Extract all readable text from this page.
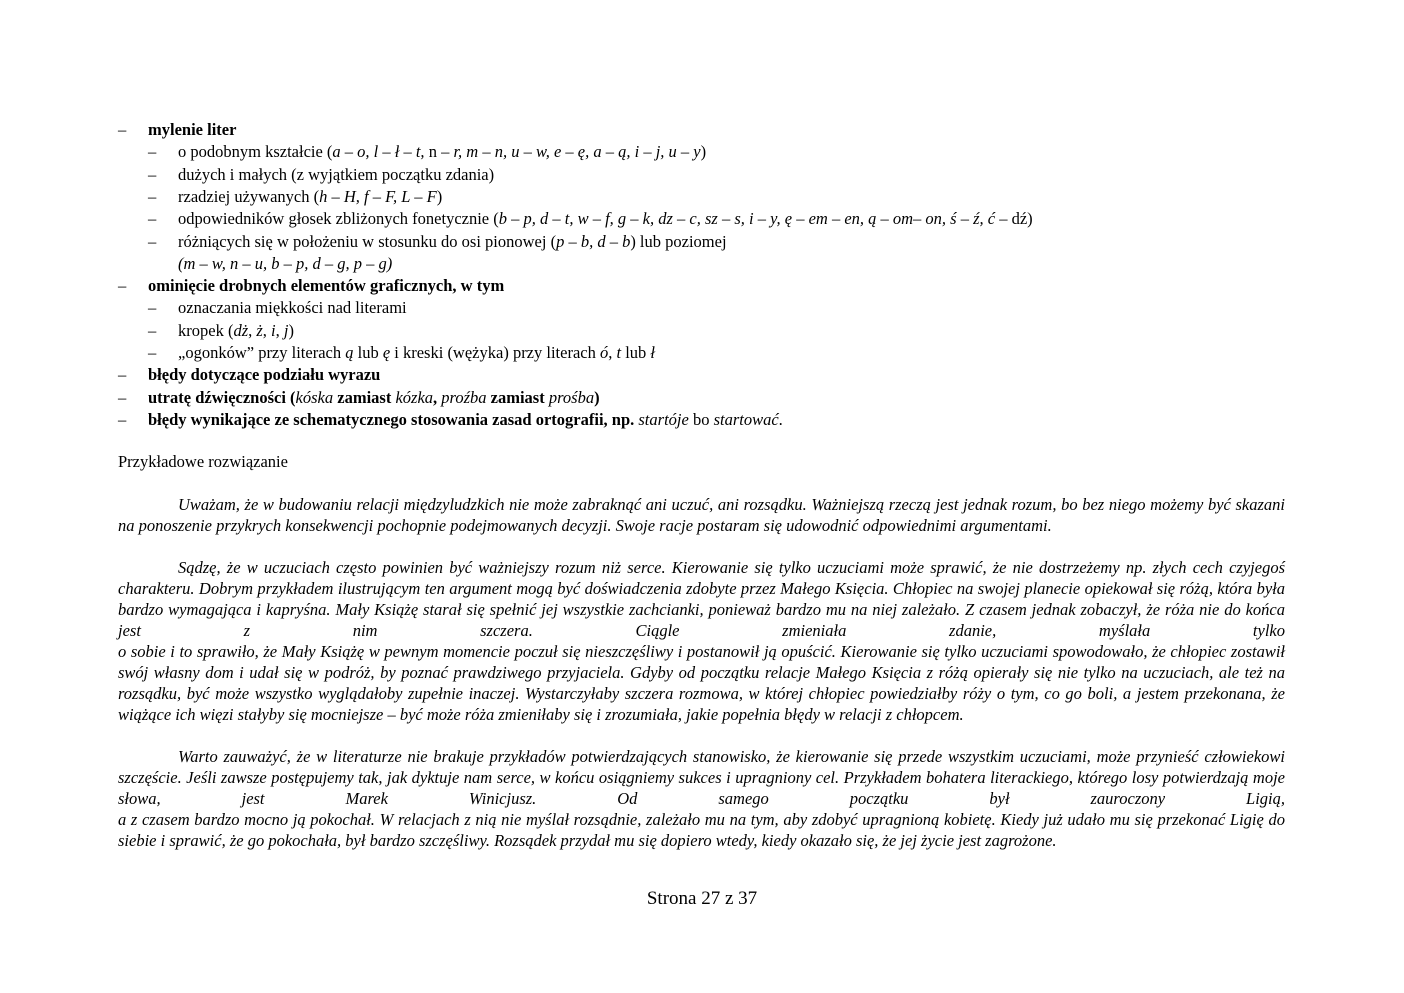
– mylenie liter
– o podobnym kształcie (a – o, l – ł – t, n – r, m – n, u – w, e – ę, a – ą, i – j, u – y)
– dużych i małych (z wyjątkiem początku zdania)
– rzadziej używanych (h – H, f – F, L – F)
– odpowiedników głosek zbliżonych fonetycznie (b – p, d – t, w – f, g – k, dz – c, sz – s, i – y, ę – em – en, ą – om– on, ś – ź, ć – dź)
– różniących się w położeniu w stosunku do osi pionowej (p – b, d – b) lub poziomej
(m – w, n – u, b – p, d – g, p – g)
– ominięcie drobnych elementów graficznych, w tym
– oznaczania miękkości nad literami
– kropek (dż, ż, i, j)
– „ogonków” przy literach ą lub ę i kreski (wężyka) przy literach ó, t lub ł
– błędy dotyczące podziału wyrazu
– utratę dźwięczności (kóska zamiast kózka, proźba zamiast prośba)
– błędy wynikające ze schematycznego stosowania zasad ortografii, np. startóje bo startować.
Przykładowe rozwiązanie
Uważam, że w budowaniu relacji międzyludzkich nie może zabraknąć ani uczuć, ani rozsądku. Ważniejszą rzeczą jest jednak rozum, bo bez niego możemy być skazani na ponoszenie przykrych konsekwencji pochopnie podejmowanych decyzji. Swoje racje postaram się udowodnić odpowiednimi argumentami.
Sądzę, że w uczuciach często powinien być ważniejszy rozum niż serce. Kierowanie się tylko uczuciami może sprawić, że nie dostrzeżemy np. złych cech czyjegoś charakteru. Dobrym przykładem ilustrującym ten argument mogą być doświadczenia zdobyte przez Małego Księcia. Chłopiec na swojej planecie opiekował się różą, która była bardzo wymagająca i kapryśna. Mały Książę starał się spełnić jej wszystkie zachcianki, ponieważ bardzo mu na niej zależało. Z czasem jednak zobaczył, że róża nie do końca jest z nim szczera. Ciągle zmieniała zdanie, myślała tylko
o sobie i to sprawiło, że Mały Książę w pewnym momencie poczuł się nieszczęśliwy i postanowił ją opuścić. Kierowanie się tylko uczuciami spowodowało, że chłopiec zostawił swój własny dom i udał się w podróż, by poznać prawdziwego przyjaciela. Gdyby od początku relacje Małego Księcia z różą opierały się nie tylko na uczuciach, ale też na rozsądku, być może wszystko wyglądałoby zupełnie inaczej. Wystarczyłaby szczera rozmowa, w której chłopiec powiedziałby róży o tym, co go boli, a jestem przekonana, że wiążące ich więzi stałyby się mocniejsze – być może róża zmieniłaby się i zrozumiała, jakie popełnia błędy w relacji z chłopcem.
Warto zauważyć, że w literaturze nie brakuje przykładów potwierdzających stanowisko, że kierowanie się przede wszystkim uczuciami, może przynieść człowiekowi szczęście. Jeśli zawsze postępujemy tak, jak dyktuje nam serce, w końcu osiągniemy sukces i upragniony cel. Przykładem bohatera literackiego, którego losy potwierdzają moje słowa, jest Marek Winicjusz. Od samego początku był zauroczony Ligią,
a z czasem bardzo mocno ją pokochał. W relacjach z nią nie myślał rozsądnie, zależało mu na tym, aby zdobyć upragnioną kobietę. Kiedy już udało mu się przekonać Ligię do siebie i sprawić, że go pokochała, był bardzo szczęśliwy. Rozsądek przydał mu się dopiero wtedy, kiedy okazało się, że jej życie jest zagrożone.
Strona 27 z 37
